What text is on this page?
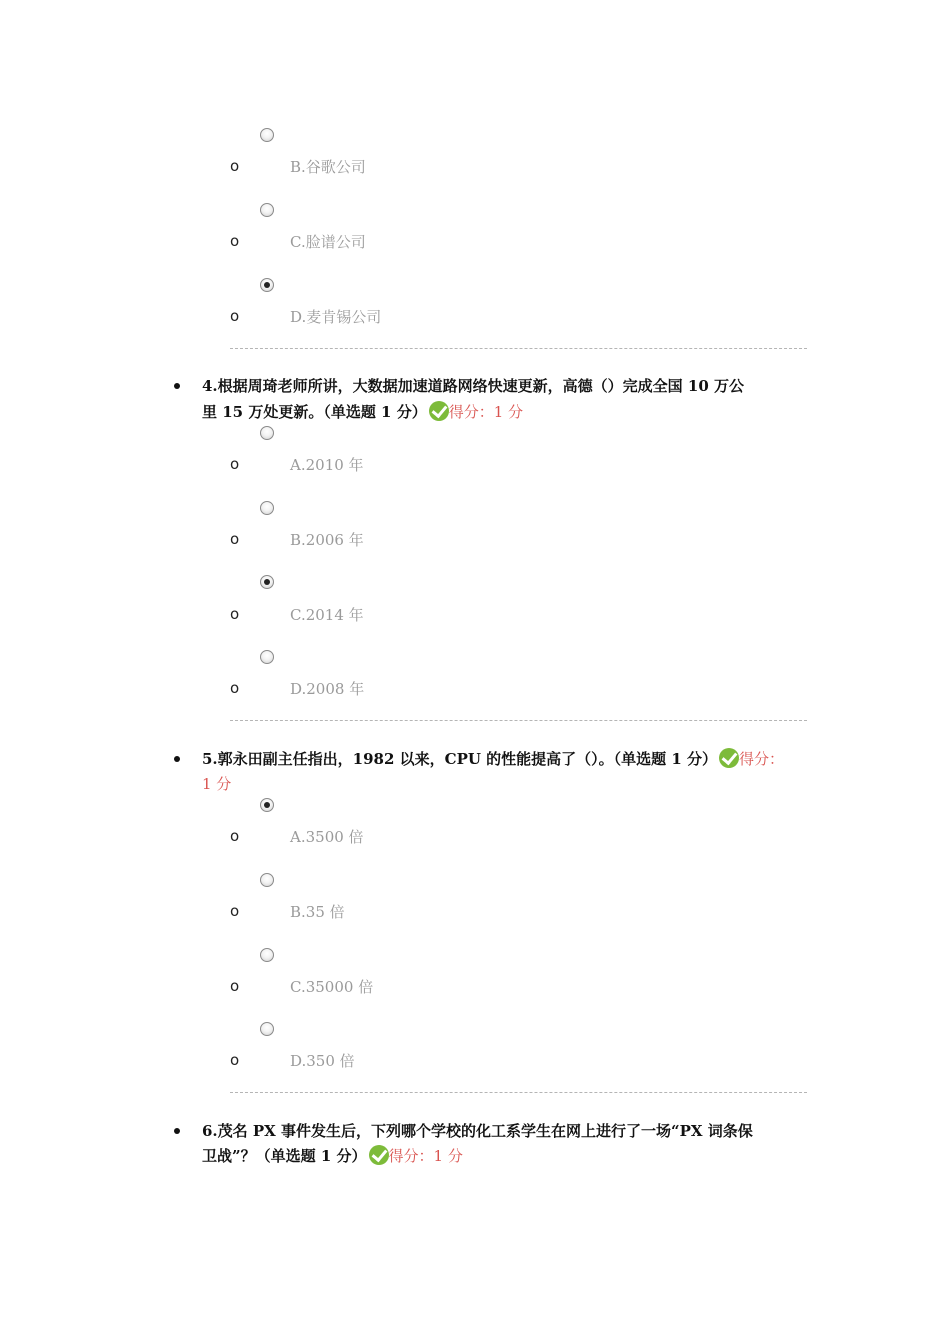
o	B.谷歌公司
o	C.脸谱公司
o	D.麦肯锡公司
4.根据周琦老师所讲，大数据加速道路网络快速更新，高德（）完成全国 10 万公
里 15 万处更新。（单选题 1 分） 得分：1 分
o	A.2010 年
o	B.2006 年
o	C.2014 年
o	D.2008 年
5.郭永田副主任指出，1982 以来，CPU 的性能提高了（）。（单选题 1 分） 得分：
1 分
o	A.3500 倍
o	B.35 倍
o	C.35000 倍
o	D.350 倍
6.茂名 PX 事件发生后，下列哪个学校的化工系学生在网上进行了一场“PX 词条保
卫战”？（单选题 1 分） 得分：1 分
